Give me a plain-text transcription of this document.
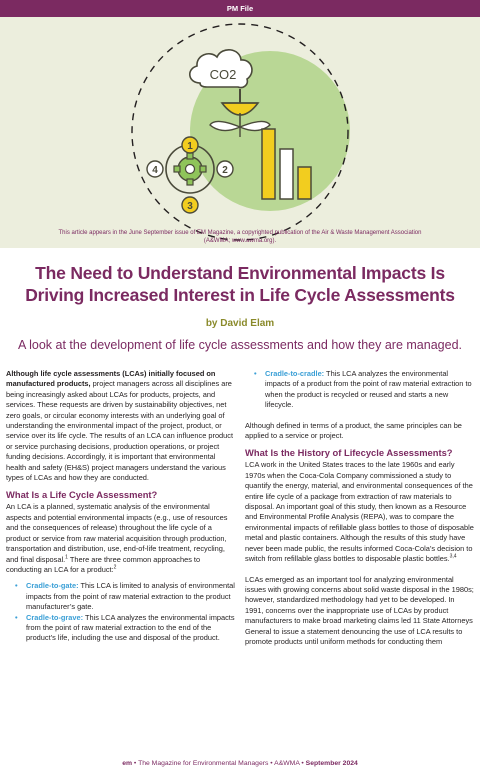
PM File
CO2
1
2
3
4
This article appears in the June September issue of EM Magazine, a copyrighted publication of the Air & Waste Management Association
(A&WMA; www.awma.org).
The Need to Understand Environmental Impacts Is
Driving Increased Interest in Life Cycle Assessments
by David Elam
A look at the development of life cycle assessments and how they are managed.

Although life cycle assessments (LCAs) initially focused on manufactured products, project managers across all disciplines are being increasingly asked about LCAs for products, projects, and services. These requests are driven by sustainability objectives, net zero goals, or circular economy interests with an underlying goal of understanding the environmental impact of the project, product, or service over its life cycle. The results of an LCA can influence product or service purchasing decisions, production operations, or project funding decisions. Accordingly, it is important that environmental health and safety (EH&S) project managers understand the various types of LCAs and how they are conducted.

What Is a Life Cycle Assessment?

An LCA is a planned, systematic analysis of the environmental aspects and potential environmental impacts (e.g., use of resources and the consequences of release) throughout the life cycle of a product or service from raw material acquisition through production, transportation and distribution, use, end-of-life treatment, recycling, and final disposal.$^1$ There are three common approaches to conducting an LCA for a product:$^2$

• Cradle-to-gate: This LCA is limited to analysis of environmental impacts from the point of raw material extraction to the product manufacturer’s gate.
• Cradle-to-grave: This LCA analyzes the environmental impacts from the point of raw material extraction to the end of the product’s life, including the use and disposal of the product.
• Cradle-to-cradle: This LCA analyzes the environmental impacts of a product from the point of raw material extraction to when the product is recycled or reused and starts a new lifecycle.

Although defined in terms of a product, the same principles can be applied to a service or project.

What Is the History of Lifecycle Assessments?

LCA work in the United States traces to the late 1960s and early 1970s when the Coca-Cola Company commissioned a study to quantify the energy, material, and environmental consequences of the entire life cycle of a package from extraction of raw materials to disposal. An important goal of this study, then known as a Resource and Environmental Profile Analysis (REPA), was to compare the environmental impacts of refillable glass bottles to those of disposable metal and plastic containers. Although the results of this study have never been made public, the results informed Coca-Cola’s decision to switch from refillable glass bottles to disposable plastic bottles.$^{3,4}$

LCAs emerged as an important tool for analyzing environmental issues with growing concerns about solid waste disposal in the 1980s; however, standardized methodology had yet to be developed. In 1991, concerns over the inappropriate use of LCAs by product manufacturers to make broad marketing claims led 11 State Attorneys General to issue a statement denouncing the use of LCA results to promote products until uniform methods for conducting them

em • The Magazine for Environmental Managers • A&WMA • September 2024
